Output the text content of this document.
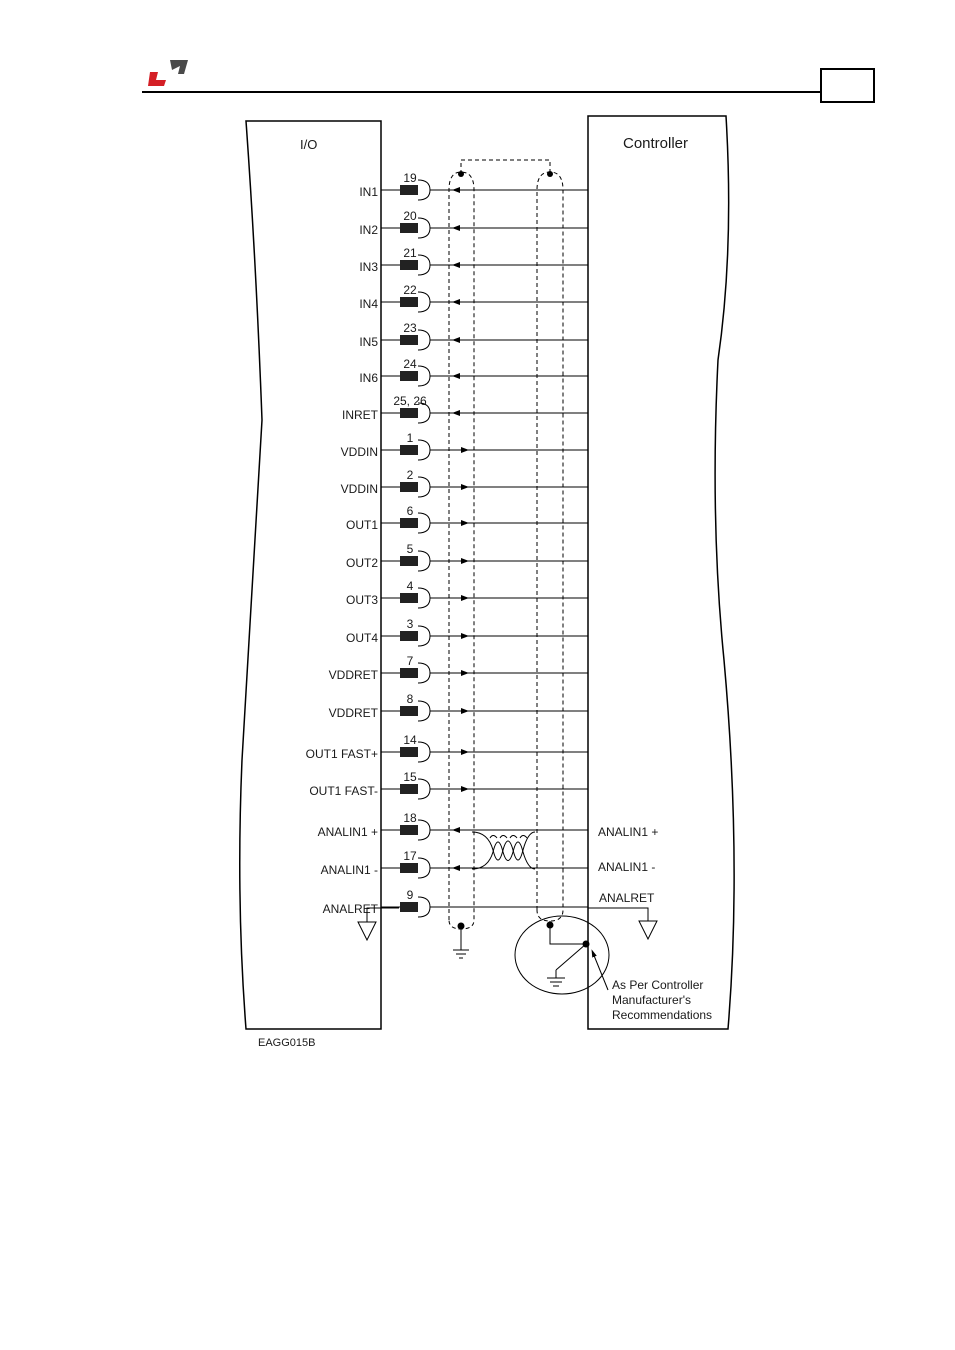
I/O	Controller
IN1
19
IN2
20
IN3
21
IN4
22
IN5
23
IN6
24
INRET
25, 26
VDDIN
1
VDDIN
2
OUT1
6
OUT2
5
OUT3
4
OUT4
3
VDDRET
7
VDDRET
8
OUT1 FAST+
14
OUT1 FAST-
15
ANALIN1 +
18
ANALIN1 -
17
ANALRET
9
ANALIN1 +
ANALIN1 -
ANALRET
As Per Controller
Manufacturer's
Recommendations
EAGG015B
